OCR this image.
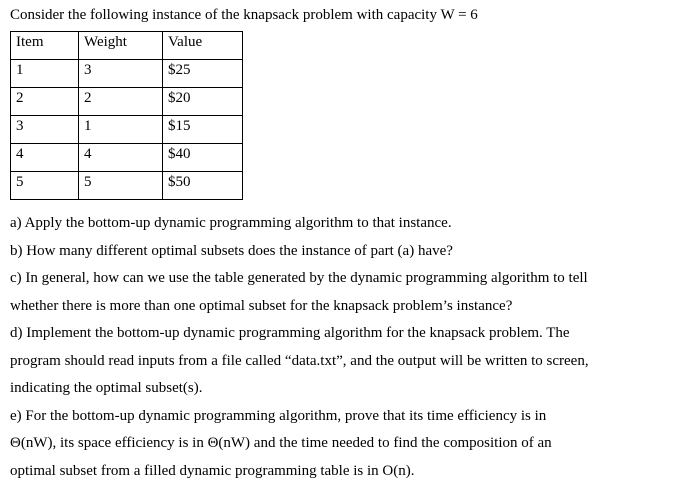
Consider the following instance of the knapsack problem with capacity W = 6
Item	Weight	Value
1	3	$25
2	2	$20
3	1	$15
4	4	$40
5	5	$50
a) Apply the bottom-up dynamic programming algorithm to that instance.
b) How many different optimal subsets does the instance of part (a) have?
c) In general, how can we use the table generated by the dynamic programming algorithm to tell
whether there is more than one optimal subset for the knapsack problem’s instance?
d) Implement the bottom-up dynamic programming algorithm for the knapsack problem. The
program should read inputs from a file called “data.txt”, and the output will be written to screen,
indicating the optimal subset(s).
e) For the bottom-up dynamic programming algorithm, prove that its time efficiency is in
Θ(nW), its space efficiency is in Θ(nW) and the time needed to find the composition of an
optimal subset from a filled dynamic programming table is in O(n).
